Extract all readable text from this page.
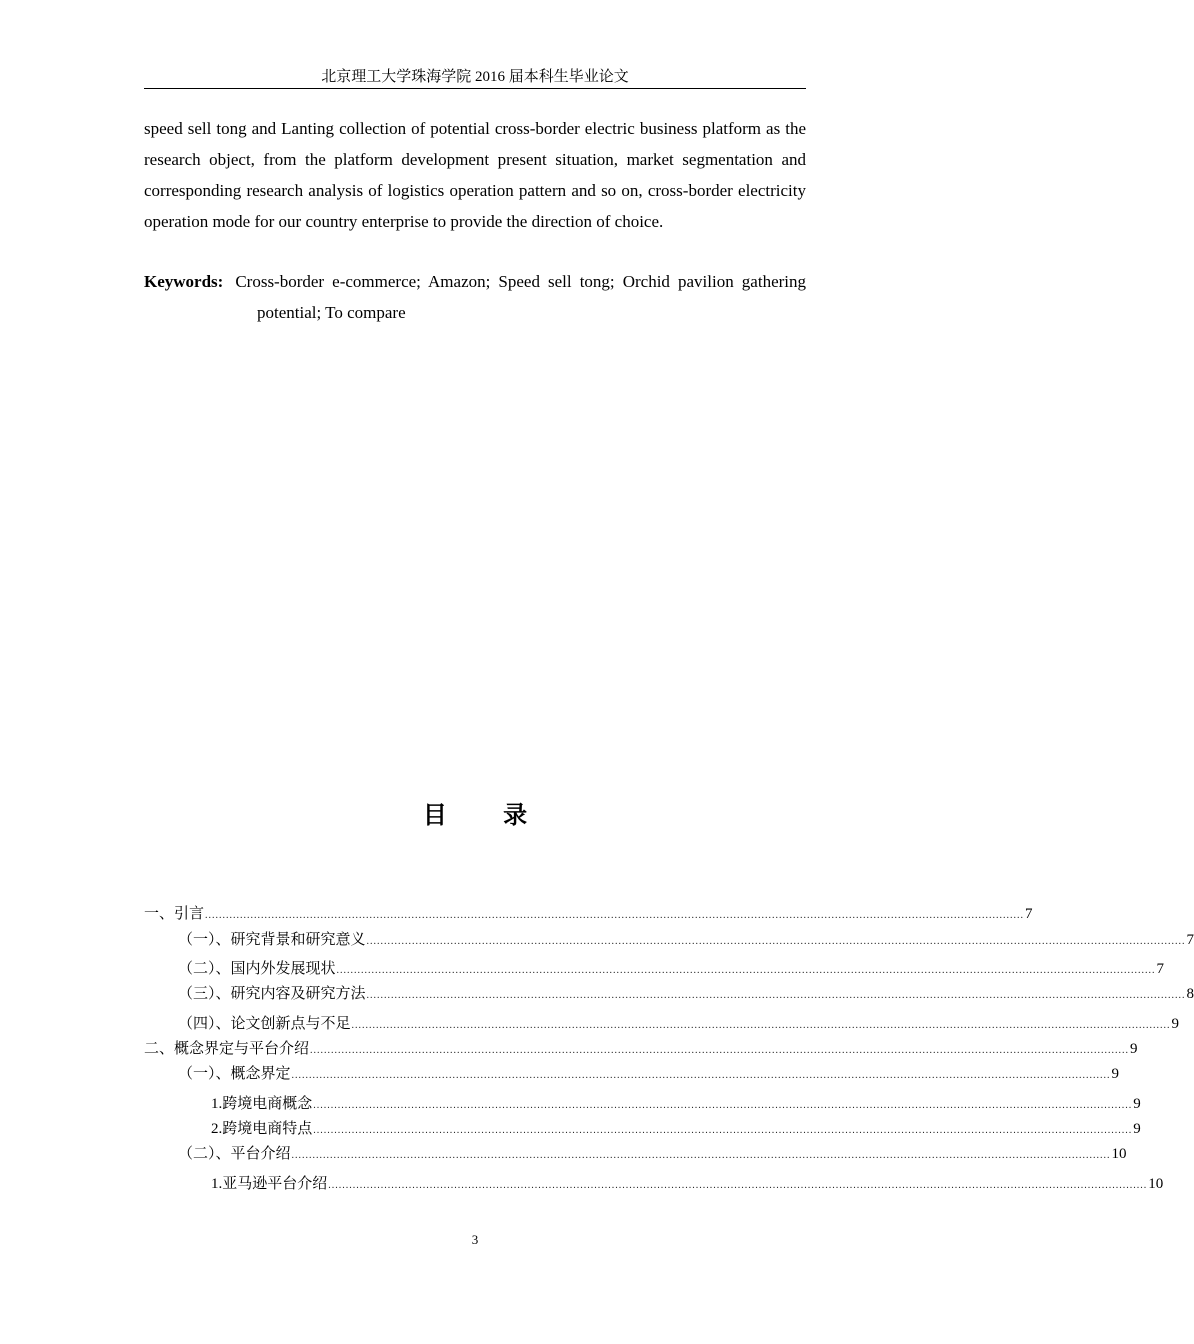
北京理工大学珠海学院 2016 届本科生毕业论文

speed sell tong and Lanting collection of potential cross-border electric business platform as the research object, from the platform development present situation, market segmentation and corresponding research analysis of logistics operation pattern and so on, cross-border electricity operation mode for our country enterprise to provide the direction of choice.

Keywords: Cross-border e-commerce; Amazon; Speed sell tong; Orchid pavilion gathering potential; To compare
目 录
一、引言 .......................................................................................................................................................................................................................................... 7
（一）、研究背景和研究意义 .......................................................................................................................................................................................................................................... 7
（二）、国内外发展现状 .......................................................................................................................................................................................................................................... 7
（三）、研究内容及研究方法 .......................................................................................................................................................................................................................................... 8
（四）、论文创新点与不足 .......................................................................................................................................................................................................................................... 9
二、概念界定与平台介绍 .......................................................................................................................................................................................................................................... 9
（一）、概念界定 .......................................................................................................................................................................................................................................... 9
1.跨境电商概念 .......................................................................................................................................................................................................................................... 9
2.跨境电商特点 .......................................................................................................................................................................................................................................... 9
（二）、平台介绍 .......................................................................................................................................................................................................................................... 10
1.亚马逊平台介绍 .......................................................................................................................................................................................................................................... 10
3
